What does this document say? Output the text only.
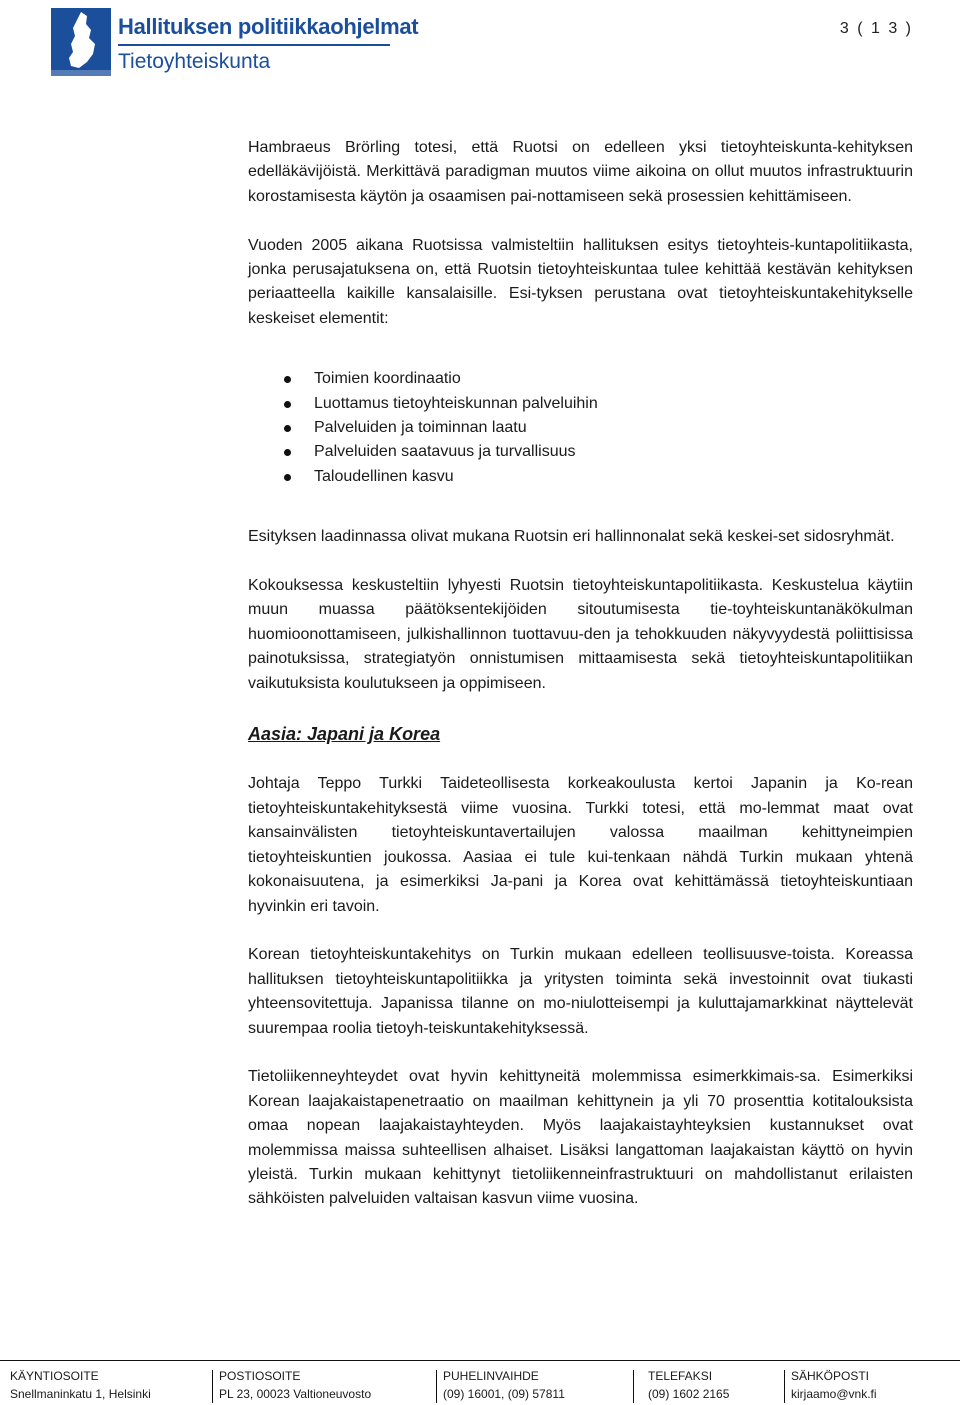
Hallituksen politiikkaohjelmat
Tietoyhteiskunta
3 ( 1 3 )

Hambraeus Brörling totesi, että Ruotsi on edelleen yksi tietoyhteiskunta-kehityksen edelläkävijöistä. Merkittävä paradigman muutos viime aikoina on ollut muutos infrastruktuurin korostamisesta käytön ja osaamisen pai-nottamiseen sekä prosessien kehittämiseen.

Vuoden 2005 aikana Ruotsissa valmisteltiin hallituksen esitys tietoyhteis-kuntapolitiikasta, jonka perusajatuksena on, että Ruotsin tietoyhteiskuntaa tulee kehittää kestävän kehityksen periaatteella kaikille kansalaisille. Esi-tyksen perustana ovat tietoyhteiskuntakehitykselle keskeiset elementit:

Toimien koordinaatio
Luottamus tietoyhteiskunnan palveluihin
Palveluiden ja toiminnan laatu
Palveluiden saatavuus ja turvallisuus
Taloudellinen kasvu

Esityksen laadinnassa olivat mukana Ruotsin eri hallinnonalat sekä keskei-set sidosryhmät.

Kokouksessa keskusteltiin lyhyesti Ruotsin tietoyhteiskuntapolitiikasta. Keskustelua käytiin muun muassa päätöksentekijöiden sitoutumisesta tie-toyhteiskuntanäkökulman huomioonottamiseen, julkishallinnon tuottavuu-den ja tehokkuuden näkyvyydestä poliittisissa painotuksissa, strategiatyön onnistumisen mittaamisesta sekä tietoyhteiskuntapolitiikan vaikutuksista koulutukseen ja oppimiseen.

Aasia: Japani ja Korea

Johtaja Teppo Turkki Taideteollisesta korkeakoulusta kertoi Japanin ja Ko-rean tietoyhteiskuntakehityksestä viime vuosina. Turkki totesi, että mo-lemmat maat ovat kansainvälisten tietoyhteiskuntavertailujen valossa maailman kehittyneimpien tietoyhteiskuntien joukossa. Aasiaa ei tule kui-tenkaan nähdä Turkin mukaan yhtenä kokonaisuutena, ja esimerkiksi Ja-pani ja Korea ovat kehittämässä tietoyhteiskuntiaan hyvinkin eri tavoin.

Korean tietoyhteiskuntakehitys on Turkin mukaan edelleen teollisuusve-toista. Koreassa hallituksen tietoyhteiskuntapolitiikka ja yritysten toiminta sekä investoinnit ovat tiukasti yhteensovitettuja. Japanissa tilanne on mo-niulotteisempi ja kuluttajamarkkinat näyttelevät suurempaa roolia tietoyh-teiskuntakehityksessä.

Tietoliikenneyhteydet ovat hyvin kehittyneitä molemmissa esimerkkimais-sa. Esimerkiksi Korean laajakaistapenetraatio on maailman kehittynein ja yli 70 prosenttia kotitalouksista omaa nopean laajakaistayhteyden. Myös laajakaistayhteyksien kustannukset ovat molemmissa maissa suhteellisen alhaiset. Lisäksi langattoman laajakaistan käyttö on hyvin yleistä. Turkin mukaan kehittynyt tietoliikenneinfrastruktuuri on mahdollistanut erilaisten sähköisten palveluiden valtaisan kasvun viime vuosina.

KÄYNTIOSOITE
Snellmaninkatu 1, Helsinki
POSTIOSOITE
PL 23, 00023 Valtioneuvosto
PUHELINVAIHDE
(09) 16001, (09) 57811
TELEFAKSI
(09) 1602 2165
SÄHKÖPOSTI
kirjaamo@vnk.fi
